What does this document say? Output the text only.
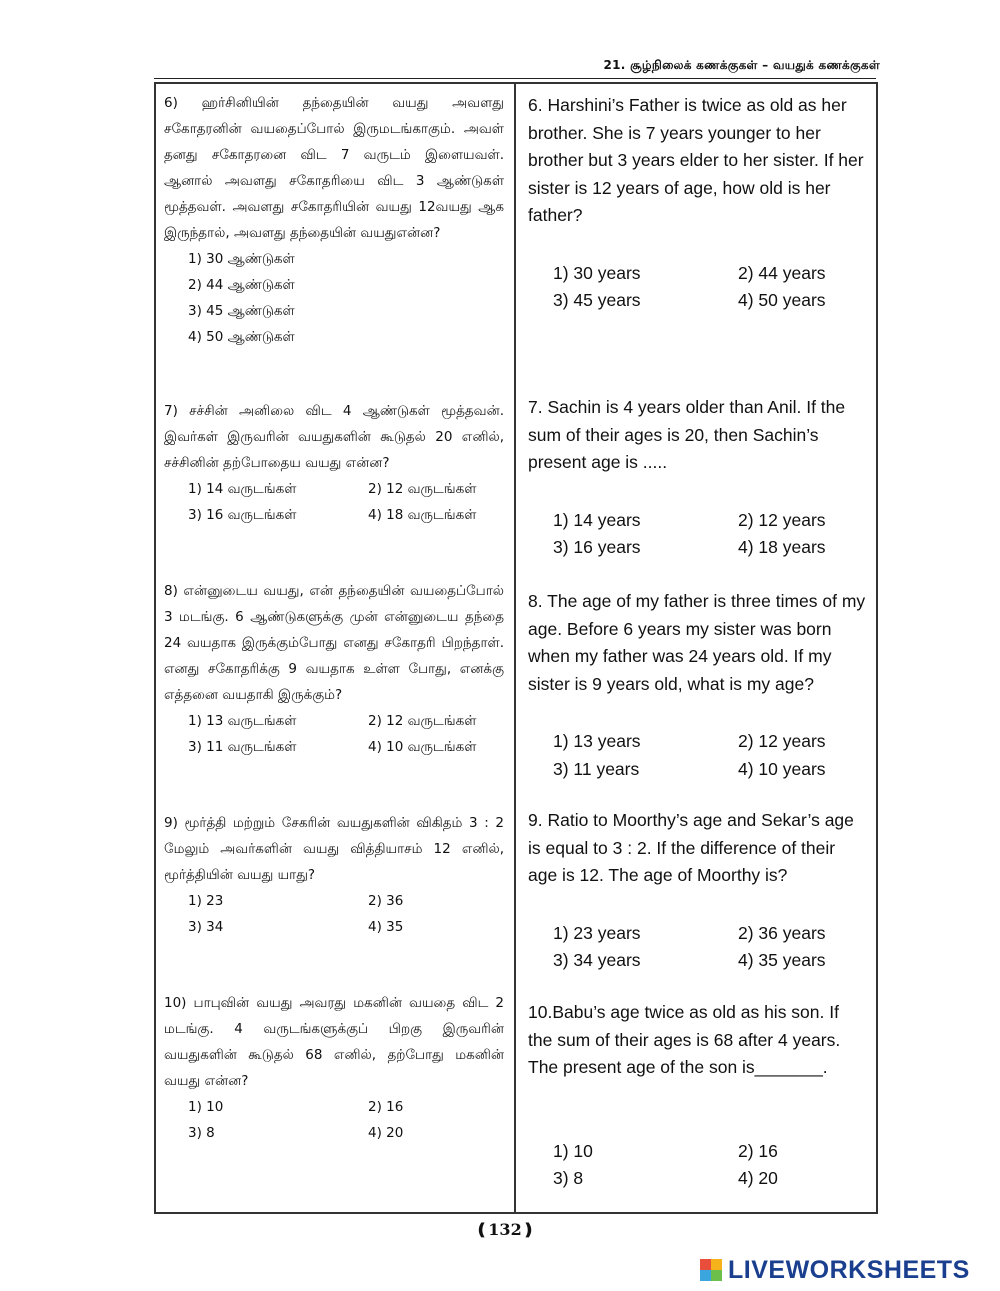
21. சூழ்நிலைக் கணக்குகள் – வயதுக் கணக்குகள்

6) ஹர்சினியின் தந்தையின் வயது அவளது சகோதரனின் வயதைப்போல் இருமடங்காகும். அவள் தனது சகோதரனை விட 7 வருடம் இளையவள். ஆனால் அவளது சகோதரியை விட 3 ஆண்டுகள் மூத்தவள். அவளது சகோதரியின் வயது 12வயது ஆக இருந்தால், அவளது தந்தையின் வயதுஎன்ன?

1) 30 ஆண்டுகள்
2) 44 ஆண்டுகள்
3) 45 ஆண்டுகள்
4) 50 ஆண்டுகள்

6. Harshini’s Father is twice as old as her brother. She is 7 years younger to her brother but 3 years elder to her sister. If her sister is 12 years of age, how old is her father?

1) 30 years	2) 44 years
3) 45 years	4) 50 years

7) சச்சின் அனிலை விட 4 ஆண்டுகள் மூத்தவன். இவர்கள் இருவரின் வயதுகளின் கூடுதல் 20 எனில், சச்சினின் தற்போதைய வயது என்ன?

1) 14 வருடங்கள்	2) 12 வருடங்கள்
3) 16 வருடங்கள்	4) 18 வருடங்கள்

7. Sachin is 4 years older than Anil. If the sum of their ages is 20, then Sachin’s present age is .....

1) 14 years	2) 12 years
3) 16 years	4) 18 years

8) என்னுடைய வயது, என் தந்தையின் வயதைப்போல் 3 மடங்கு. 6 ஆண்டுகளுக்கு முன் என்னுடைய தந்தை 24 வயதாக இருக்கும்போது எனது சகோதரி பிறந்தாள். எனது சகோதரிக்கு 9 வயதாக உள்ள போது, எனக்கு எத்தனை வயதாகி இருக்கும்?

1) 13 வருடங்கள்	2) 12 வருடங்கள்
3) 11 வருடங்கள்	4) 10 வருடங்கள்

8. The age of my father is three times of my age. Before 6 years my sister was born when my father was 24 years old. If my sister is 9 years old, what is my age?

1) 13 years	2) 12 years
3) 11 years	4) 10 years

9) மூர்த்தி மற்றும் சேகரின் வயதுகளின் விகிதம் 3 : 2 மேலும் அவர்களின் வயது வித்தியாசம் 12 எனில், மூர்த்தியின் வயது யாது?

1) 23	2) 36
3) 34	4) 35

9. Ratio to Moorthy’s age and Sekar’s age is equal to 3 : 2. If the difference of their age is 12. The age of Moorthy is?

1) 23 years	2) 36 years
3) 34 years	4) 35 years

10) பாபுவின் வயது அவரது மகனின் வயதை விட 2 மடங்கு. 4 வருடங்களுக்குப் பிறகு இருவரின் வயதுகளின் கூடுதல் 68 எனில், தற்போது மகனின் வயது என்ன?

1) 10	2) 16
3) 8	4) 20

10.Babu’s age twice as old as his son. If the sum of their ages is 68 after 4 years. The present age of the son is_______.

1) 10	2) 16
3) 8	4) 20
❪132❫
LIVEWORKSHEETS
